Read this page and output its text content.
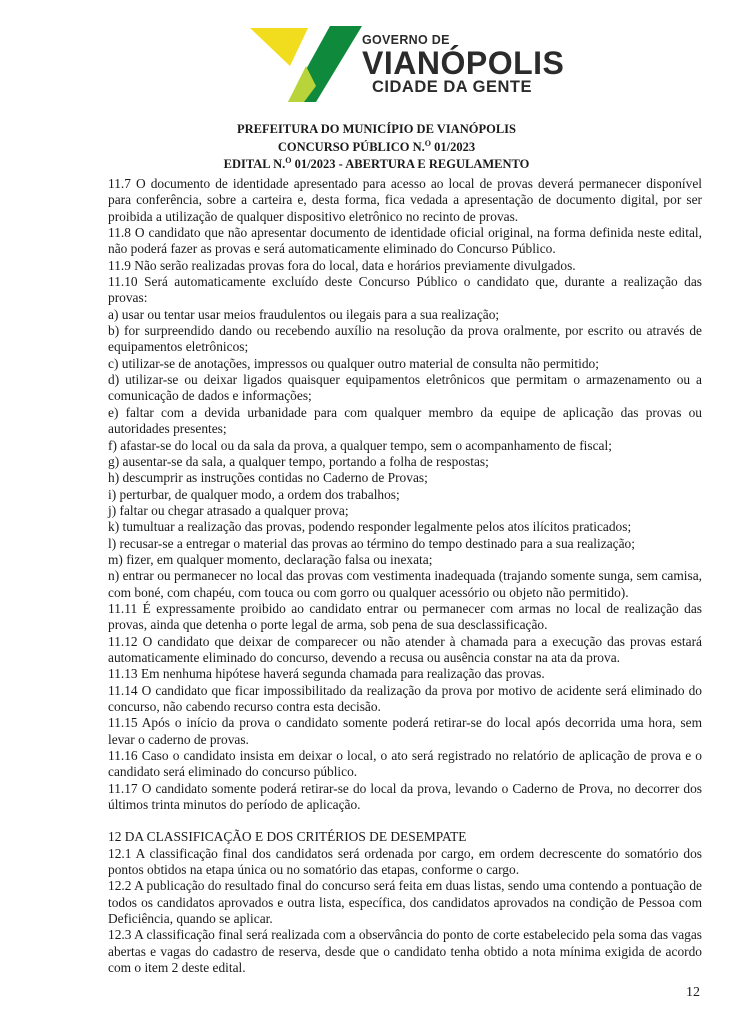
GOVERNO DE
VIANÓPOLIS
CIDADE DA GENTE
PREFEITURA DO MUNICÍPIO DE VIANÓPOLIS
CONCURSO PÚBLICO N.$^O$ 01/2023
EDITAL N.$^O$ 01/2023 - ABERTURA E REGULAMENTO

11.7 O documento de identidade apresentado para acesso ao local de provas deverá permanecer disponível para conferência, sobre a carteira e, desta forma, fica vedada a apresentação de documento digital, por ser proibida a utilização de qualquer dispositivo eletrônico no recinto de provas.

11.8 O candidato que não apresentar documento de identidade oficial original, na forma definida neste edital, não poderá fazer as provas e será automaticamente eliminado do Concurso Público.

11.9 Não serão realizadas provas fora do local, data e horários previamente divulgados.

11.10 Será automaticamente excluído deste Concurso Público o candidato que, durante a realização das provas:

a) usar ou tentar usar meios fraudulentos ou ilegais para a sua realização;

b) for surpreendido dando ou recebendo auxílio na resolução da prova oralmente, por escrito ou através de equipamentos eletrônicos;

c) utilizar-se de anotações, impressos ou qualquer outro material de consulta não permitido;

d) utilizar-se ou deixar ligados quaisquer equipamentos eletrônicos que permitam o armazenamento ou a comunicação de dados e informações;

e) faltar com a devida urbanidade para com qualquer membro da equipe de aplicação das provas ou autoridades presentes;

f) afastar-se do local ou da sala da prova, a qualquer tempo, sem o acompanhamento de fiscal;

g) ausentar-se da sala, a qualquer tempo, portando a folha de respostas;

h) descumprir as instruções contidas no Caderno de Provas;

i) perturbar, de qualquer modo, a ordem dos trabalhos;

j) faltar ou chegar atrasado a qualquer prova;

k) tumultuar a realização das provas, podendo responder legalmente pelos atos ilícitos praticados;

l) recusar-se a entregar o material das provas ao término do tempo destinado para a sua realização;

m) fizer, em qualquer momento, declaração falsa ou inexata;

n) entrar ou permanecer no local das provas com vestimenta inadequada (trajando somente sunga, sem camisa, com boné, com chapéu, com touca ou com gorro ou qualquer acessório ou objeto não permitido).

11.11 É expressamente proibido ao candidato entrar ou permanecer com armas no local de realização das provas, ainda que detenha o porte legal de arma, sob pena de sua desclassificação.

11.12 O candidato que deixar de comparecer ou não atender à chamada para a execução das provas estará automaticamente eliminado do concurso, devendo a recusa ou ausência constar na ata da prova.

11.13 Em nenhuma hipótese haverá segunda chamada para realização das provas.

11.14 O candidato que ficar impossibilitado da realização da prova por motivo de acidente será eliminado do concurso, não cabendo recurso contra esta decisão.

11.15 Após o início da prova o candidato somente poderá retirar-se do local após decorrida uma hora, sem levar o caderno de provas.

11.16 Caso o candidato insista em deixar o local, o ato será registrado no relatório de aplicação de prova e o candidato será eliminado do concurso público.

11.17 O candidato somente poderá retirar-se do local da prova, levando o Caderno de Prova, no decorrer dos últimos trinta minutos do período de aplicação.

12 DA CLASSIFICAÇÃO E DOS CRITÉRIOS DE DESEMPATE

12.1 A classificação final dos candidatos será ordenada por cargo, em ordem decrescente do somatório dos pontos obtidos na etapa única ou no somatório das etapas, conforme o cargo.

12.2 A publicação do resultado final do concurso será feita em duas listas, sendo uma contendo a pontuação de todos os candidatos aprovados e outra lista, específica, dos candidatos aprovados na condição de Pessoa com Deficiência, quando se aplicar.

12.3 A classificação final será realizada com a observância do ponto de corte estabelecido pela soma das vagas abertas e vagas do cadastro de reserva, desde que o candidato tenha obtido a nota mínima exigida de acordo com o item 2 deste edital.

12
